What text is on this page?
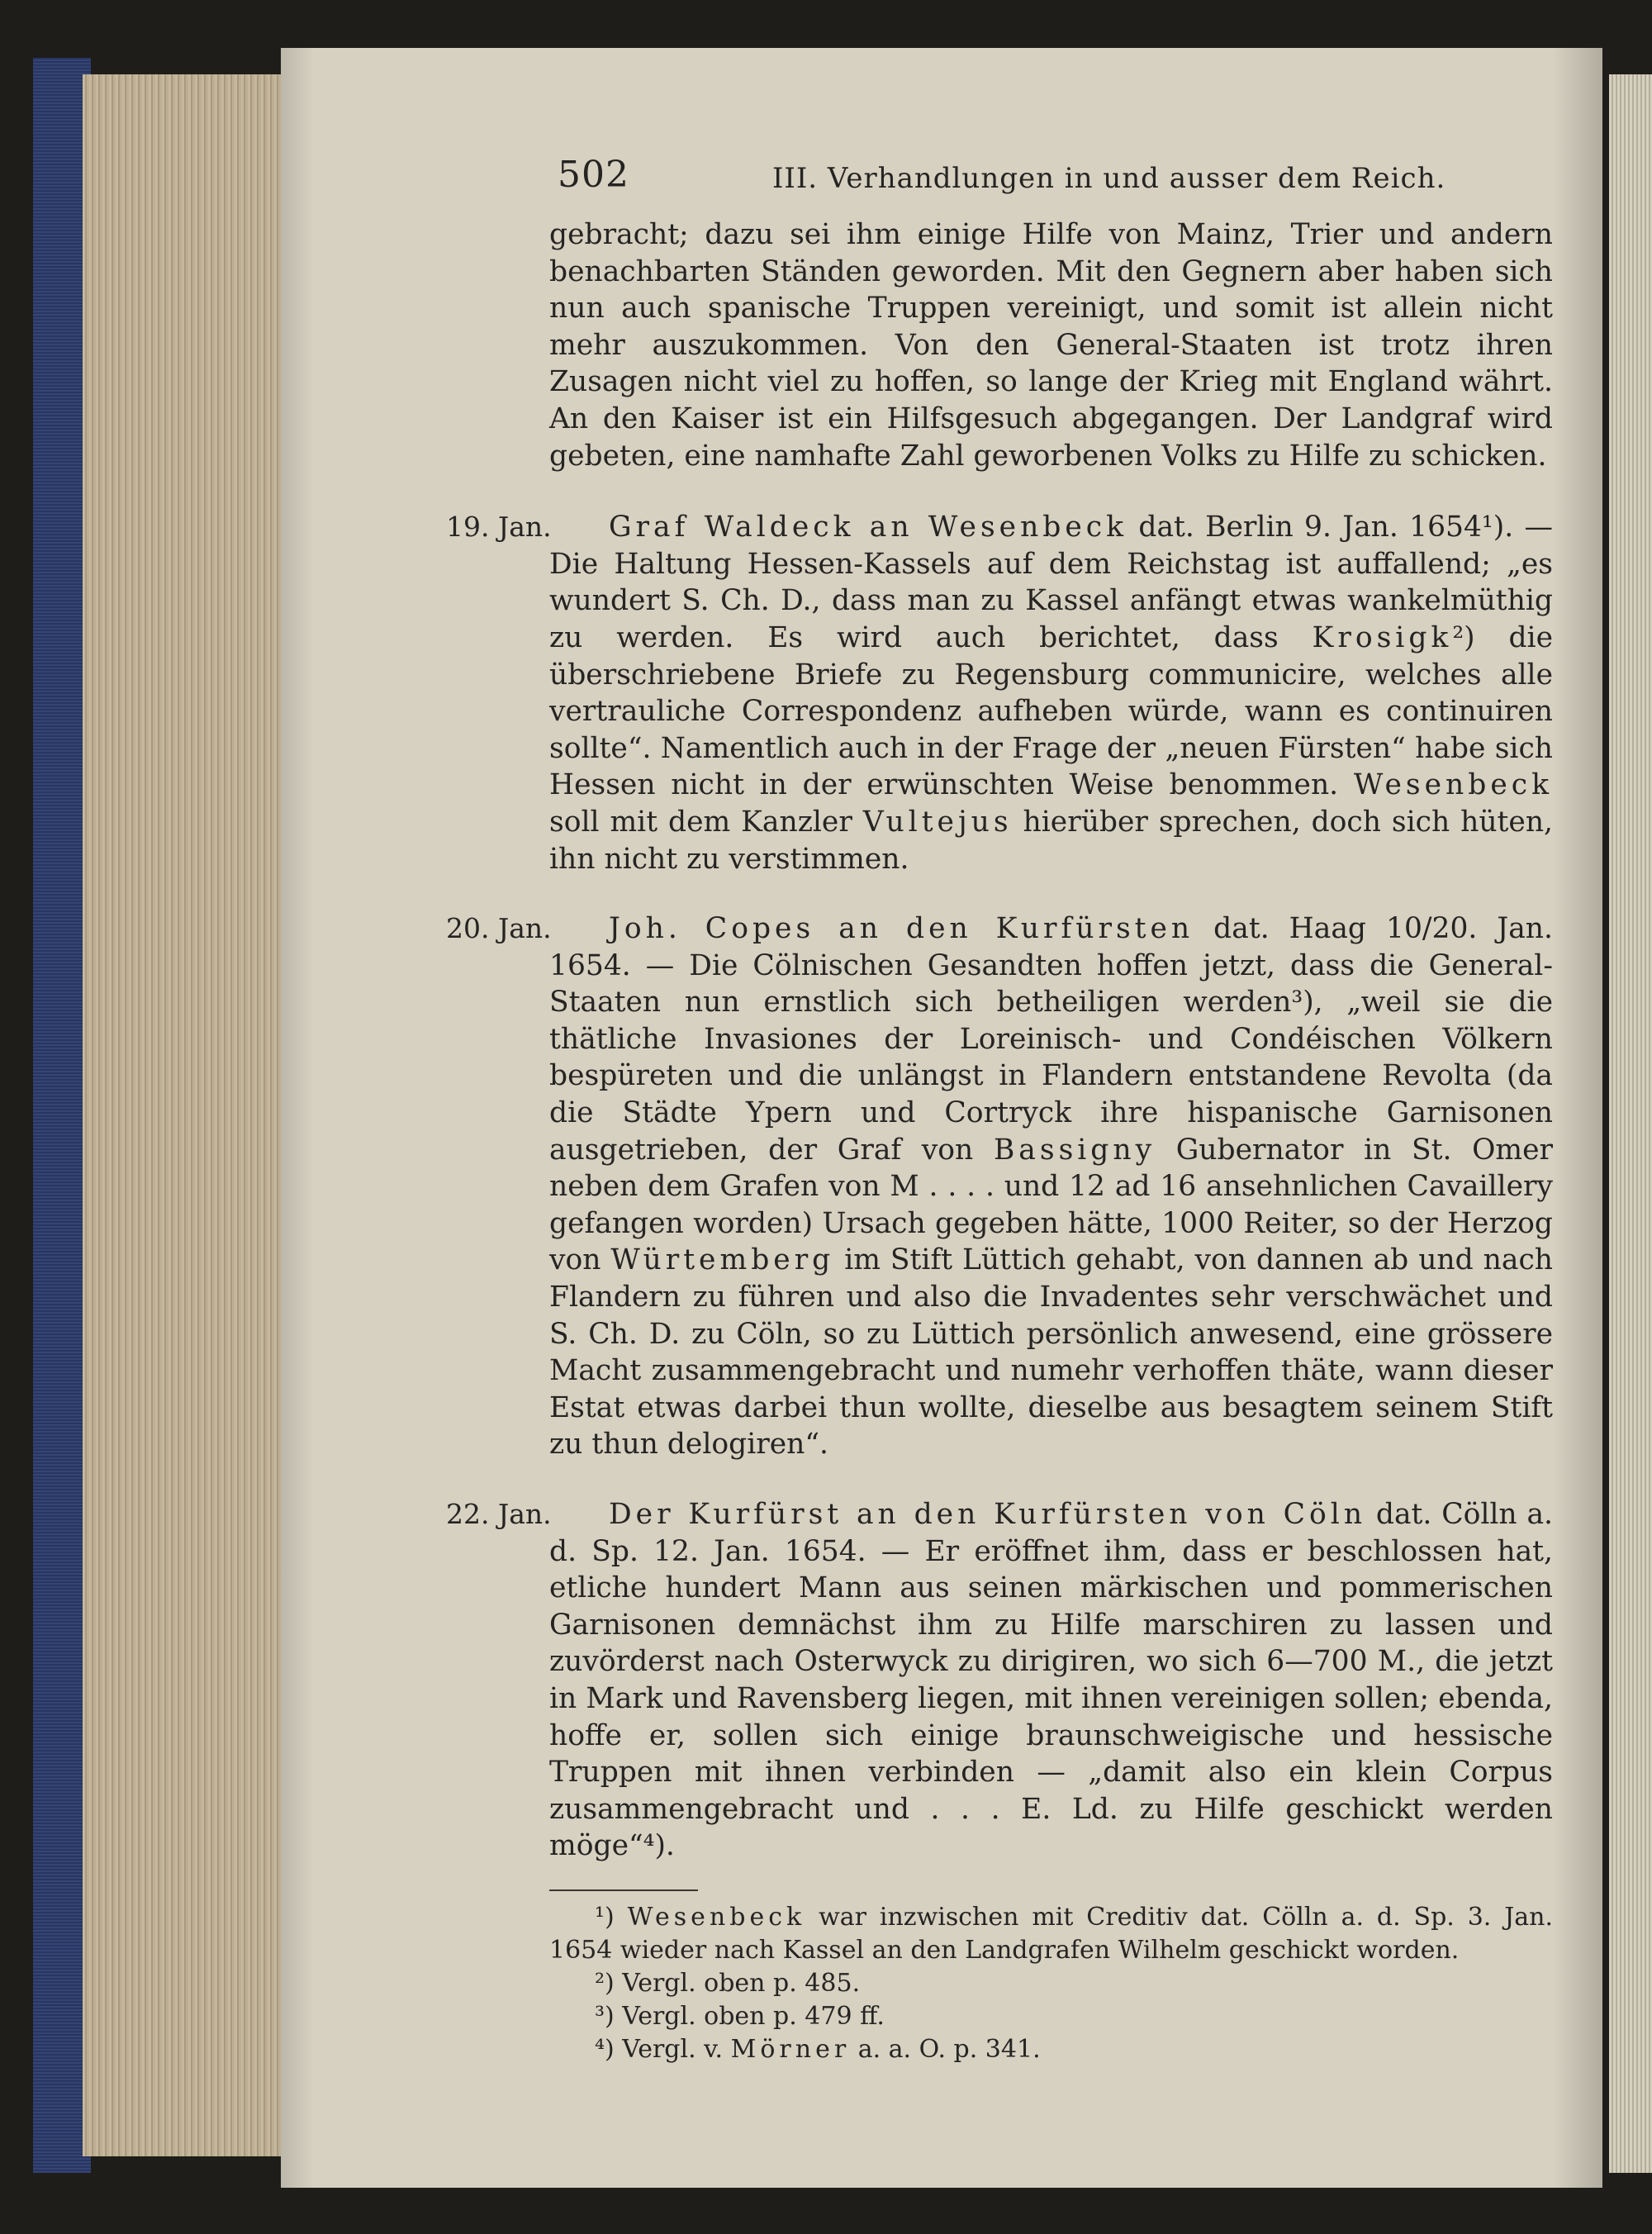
502	III. Verhandlungen in und ausser dem Reich.

gebracht; dazu sei ihm einige Hilfe von Mainz, Trier und andern benachbarten Ständen geworden. Mit den Gegnern aber haben sich nun auch spanische Truppen vereinigt, und somit ist allein nicht mehr auszukommen. Von den General-Staaten ist trotz ihren Zusagen nicht viel zu hoffen, so lange der Krieg mit England währt. An den Kaiser ist ein Hilfsgesuch abgegangen. Der Landgraf wird gebeten, eine namhafte Zahl geworbenen Volks zu Hilfe zu schicken.

19. Jan.	Graf Waldeck an Wesenbeck dat. Berlin 9. Jan. 1654¹). — Die Haltung Hessen-Kassels auf dem Reichstag ist auffallend; „es wundert S. Ch. D., dass man zu Kassel anfängt etwas wankelmüthig zu werden. Es wird auch berichtet, dass Krosigk²) die überschriebene Briefe zu Regensburg communicire, welches alle vertrauliche Correspondenz aufheben würde, wann es continuiren sollte“. Namentlich auch in der Frage der „neuen Fürsten“ habe sich Hessen nicht in der erwünschten Weise benommen. Wesenbeck soll mit dem Kanzler Vultejus hierüber sprechen, doch sich hüten, ihn nicht zu verstimmen.

20. Jan.	Joh. Copes an den Kurfürsten dat. Haag 10/20. Jan. 1654. — Die Cölnischen Gesandten hoffen jetzt, dass die General-Staaten nun ernstlich sich betheiligen werden³), „weil sie die thätliche Invasiones der Loreinisch- und Condéischen Völkern bespüreten und die unlängst in Flandern entstandene Revolta (da die Städte Ypern und Cortryck ihre hispanische Garnisonen ausgetrieben, der Graf von Bassigny Gubernator in St. Omer neben dem Grafen von M . . . . und 12 ad 16 ansehnlichen Cavaillery gefangen worden) Ursach gegeben hätte, 1000 Reiter, so der Herzog von Würtemberg im Stift Lüttich gehabt, von dannen ab und nach Flandern zu führen und also die Invadentes sehr verschwächet und S. Ch. D. zu Cöln, so zu Lüttich persönlich anwesend, eine grössere Macht zusammengebracht und numehr verhoffen thäte, wann dieser Estat etwas darbei thun wollte, dieselbe aus besagtem seinem Stift zu thun delogiren“.

22. Jan.	Der Kurfürst an den Kurfürsten von Cöln dat. Cölln a. d. Sp. 12. Jan. 1654. — Er eröffnet ihm, dass er beschlossen hat, etliche hundert Mann aus seinen märkischen und pommerischen Garnisonen demnächst ihm zu Hilfe marschiren zu lassen und zuvörderst nach Osterwyck zu dirigiren, wo sich 6—700 M., die jetzt in Mark und Ravensberg liegen, mit ihnen vereinigen sollen; ebenda, hoffe er, sollen sich einige braunschweigische und hessische Truppen mit ihnen verbinden — „damit also ein klein Corpus zusammengebracht und . . . E. Ld. zu Hilfe geschickt werden möge“⁴).

¹) Wesenbeck war inzwischen mit Creditiv dat. Cölln a. d. Sp. 3. Jan. 1654 wieder nach Kassel an den Landgrafen Wilhelm geschickt worden.

²) Vergl. oben p. 485.

³) Vergl. oben p. 479 ff.

⁴) Vergl. v. Mörner a. a. O. p. 341.
